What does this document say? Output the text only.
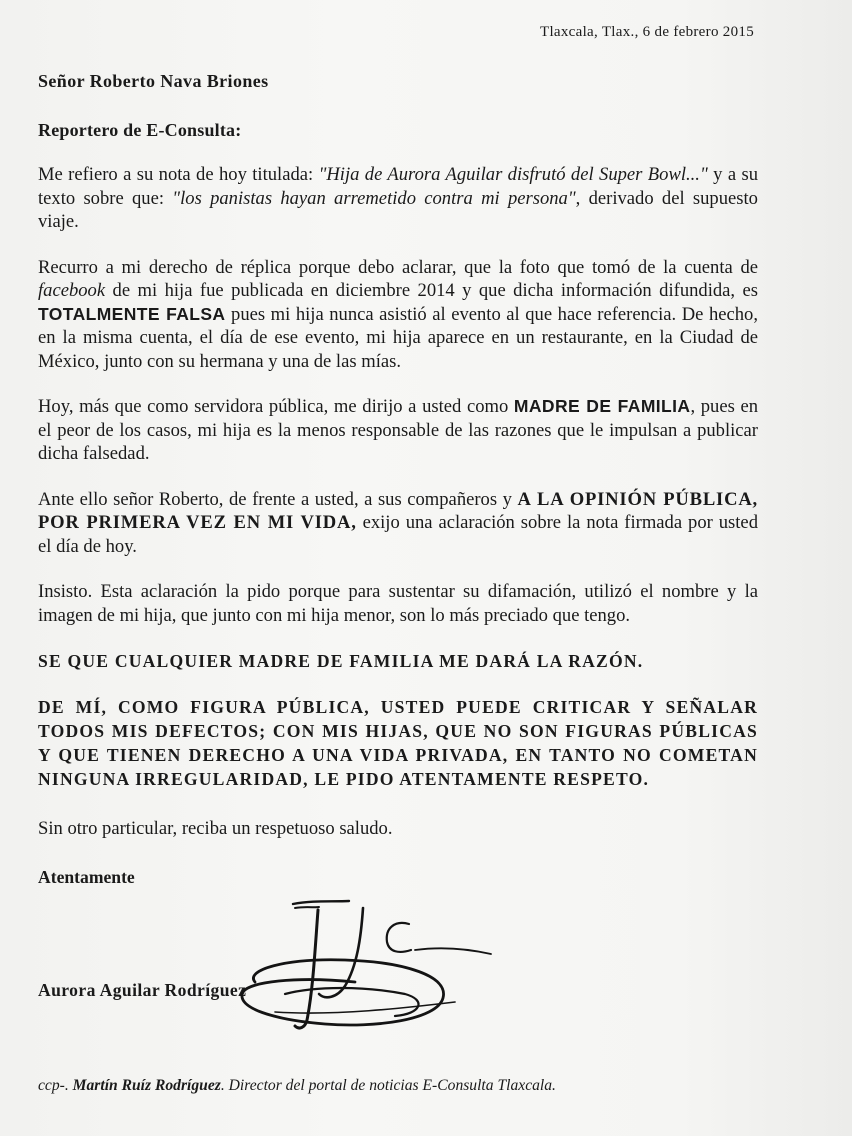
Tlaxcala, Tlax., 6 de febrero 2015

Señor Roberto Nava Briones

Reportero de E-Consulta:

Me refiero a su nota de hoy titulada: "Hija de Aurora Aguilar disfrutó del Super Bowl..." y a su texto sobre que: "los panistas hayan arremetido contra mi persona", derivado del supuesto viaje.

Recurro a mi derecho de réplica porque debo aclarar, que la foto que tomó de la cuenta de facebook de mi hija fue publicada en diciembre 2014 y que dicha información difundida, es TOTALMENTE FALSA pues mi hija nunca asistió al evento al que hace referencia. De hecho, en la misma cuenta, el día de ese evento, mi hija aparece en un restaurante, en la Ciudad de México, junto con su hermana y una de las mías.

Hoy, más que como servidora pública, me dirijo a usted como MADRE DE FAMILIA, pues en el peor de los casos, mi hija es la menos responsable de las razones que le impulsan a publicar dicha falsedad.

Ante ello señor Roberto, de frente a usted, a sus compañeros y A LA OPINIÓN PÚBLICA, POR PRIMERA VEZ EN MI VIDA, exijo una aclaración sobre la nota firmada por usted el día de hoy.

Insisto. Esta aclaración la pido porque para sustentar su difamación, utilizó el nombre y la imagen de mi hija, que junto con mi hija menor, son lo más preciado que tengo.

SE QUE CUALQUIER MADRE DE FAMILIA ME DARÁ LA RAZÓN.

DE MÍ, COMO FIGURA PÚBLICA, USTED PUEDE CRITICAR Y SEÑALAR TODOS MIS DEFECTOS; CON MIS HIJAS, QUE NO SON FIGURAS PÚBLICAS Y QUE TIENEN DERECHO A UNA VIDA PRIVADA, EN TANTO NO COMETAN NINGUNA IRREGULARIDAD, LE PIDO ATENTAMENTE RESPETO.

Sin otro particular, reciba un respetuoso saludo.

Atentamente

Aurora Aguilar Rodríguez
ccp-. Martín Ruíz Rodríguez. Director del portal de noticias E-Consulta Tlaxcala.
